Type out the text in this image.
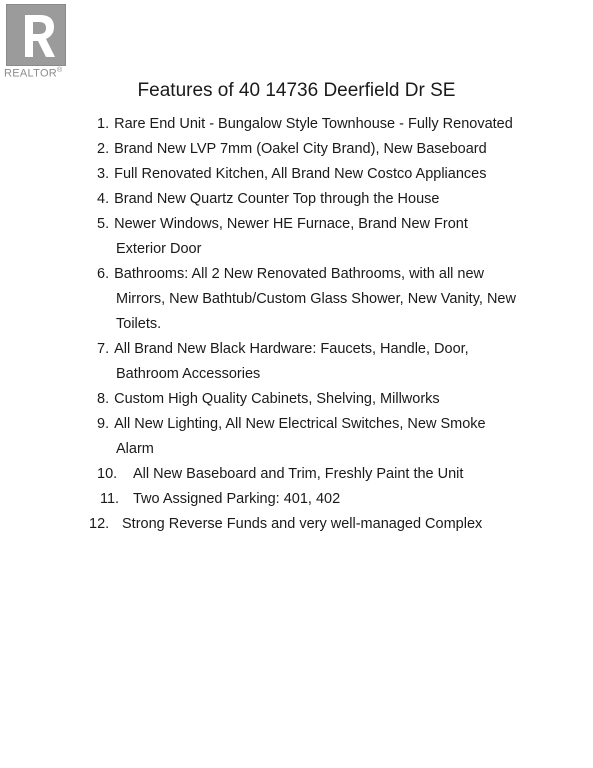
REALTOR®
Features of 40 14736 Deerfield Dr SE
1. Rare End Unit - Bungalow Style Townhouse - Fully Renovated
2. Brand New LVP 7mm (Oakel City Brand), New Baseboard
3. Full Renovated Kitchen, All Brand New Costco Appliances
4. Brand New Quartz Counter Top through the House
5. Newer Windows, Newer HE Furnace, Brand New Front
Exterior Door
6. Bathrooms: All 2 New Renovated Bathrooms, with all new
Mirrors, New Bathtub/Custom Glass Shower, New Vanity, New
Toilets.
7. All Brand New Black Hardware: Faucets, Handle, Door,
Bathroom Accessories
8. Custom High Quality Cabinets, Shelving, Millworks
9. All New Lighting, All New Electrical Switches, New Smoke
Alarm
10. All New Baseboard and Trim, Freshly Paint the Unit
11. Two Assigned Parking: 401, 402
12. Strong Reverse Funds and very well-managed Complex
